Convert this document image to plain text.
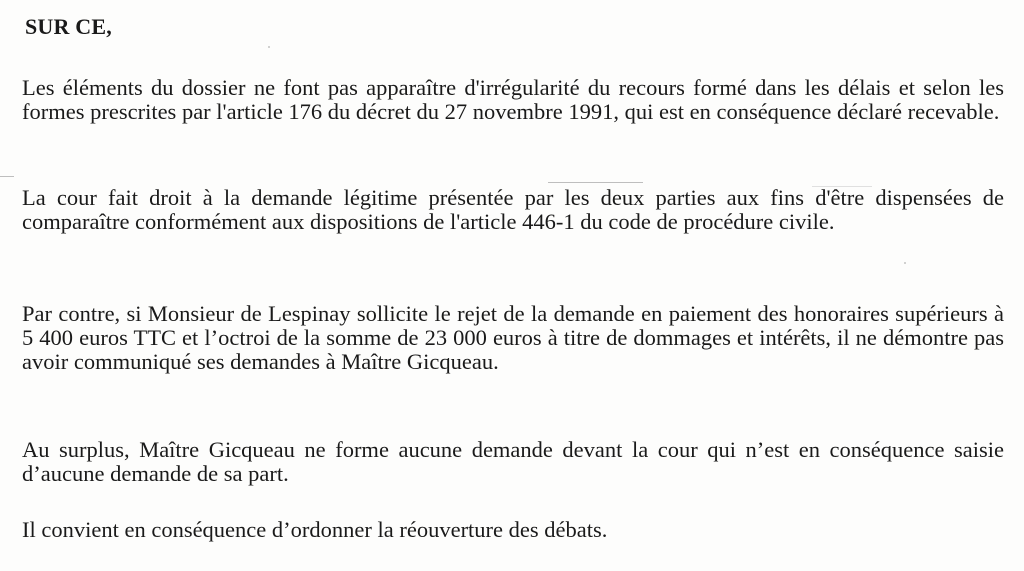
SUR CE,

Les éléments du dossier ne font pas apparaître d'irrégularité du recours formé dans les délais et selon les formes prescrites par l'article 176 du décret du 27 novembre 1991, qui est en conséquence déclaré recevable.

La cour fait droit à la demande légitime présentée par les deux parties aux fins d'être dispensées de comparaître conformément aux dispositions de l'article 446-1 du code de procédure civile.

Par contre, si Monsieur de Lespinay sollicite le rejet de la demande en paiement des honoraires supérieurs à 5 400 euros TTC et l’octroi de la somme de 23 000 euros à titre de dommages et intérêts, il ne démontre pas avoir communiqué ses demandes à Maître Gicqueau.

Au surplus, Maître Gicqueau ne forme aucune demande devant la cour qui n’est en conséquence saisie d’aucune demande de sa part.

Il convient en conséquence d’ordonner la réouverture des débats.
